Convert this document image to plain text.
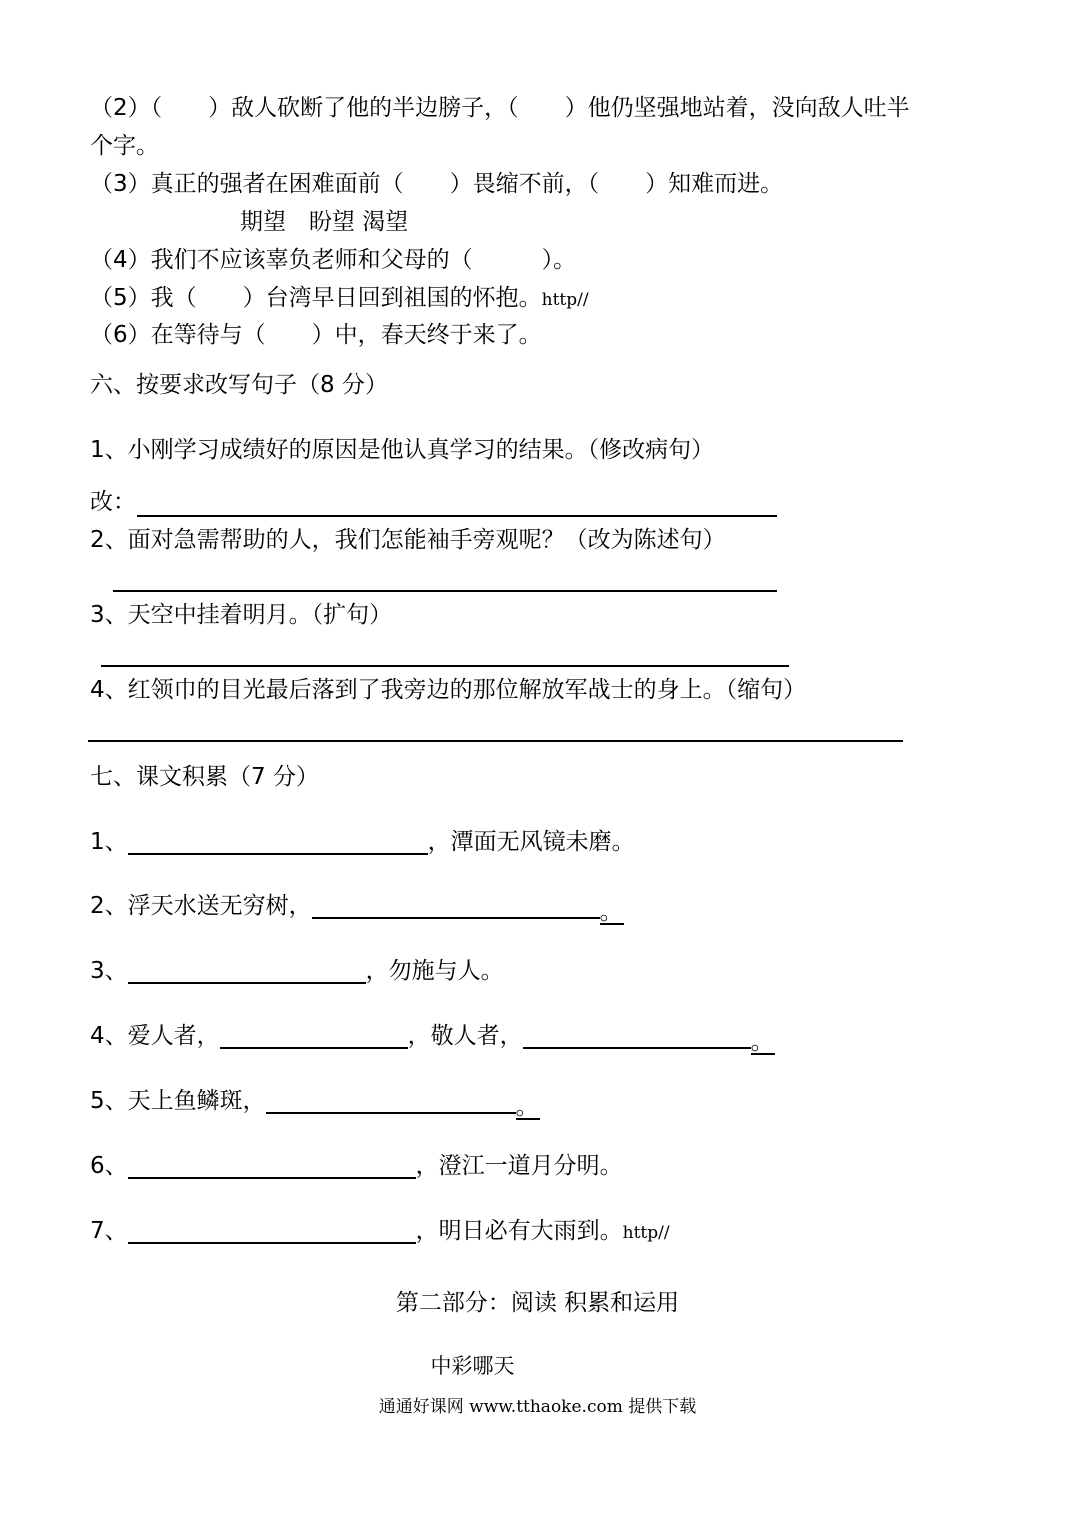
（2）（　　）敌人砍断了他的半边膀子，（　　）他仍坚强地站着，没向敌人吐半
个字。
（3）真正的强者在困难面前（　　）畏缩不前，（　　）知难而进。
期望　盼望 渴望
（4）我们不应该辜负老师和父母的（　　　）。
（5）我（　　）台湾早日回到祖国的怀抱。http//
（6）在等待与（　　）中，春天终于来了。
六、按要求改写句子（8 分）
1、小刚学习成绩好的原因是他认真学习的结果。（修改病句）
改：
2、面对急需帮助的人，我们怎能袖手旁观呢？（改为陈述句）
3、天空中挂着明月。（扩句）
4、红领巾的目光最后落到了我旁边的那位解放军战士的身上。（缩句）
七、课文积累（7 分）
1、	，潭面无风镜未磨。
2、浮天水送无穷树，	。
3、	，勿施与人。
4、爱人者，	，敬人者，	。
5、天上鱼鳞斑，	。
6、	，澄江一道月分明。
7、	，明日必有大雨到。http//
第二部分：阅读 积累和运用
中彩哪天
通通好课网 www.tthaoke.com 提供下载
